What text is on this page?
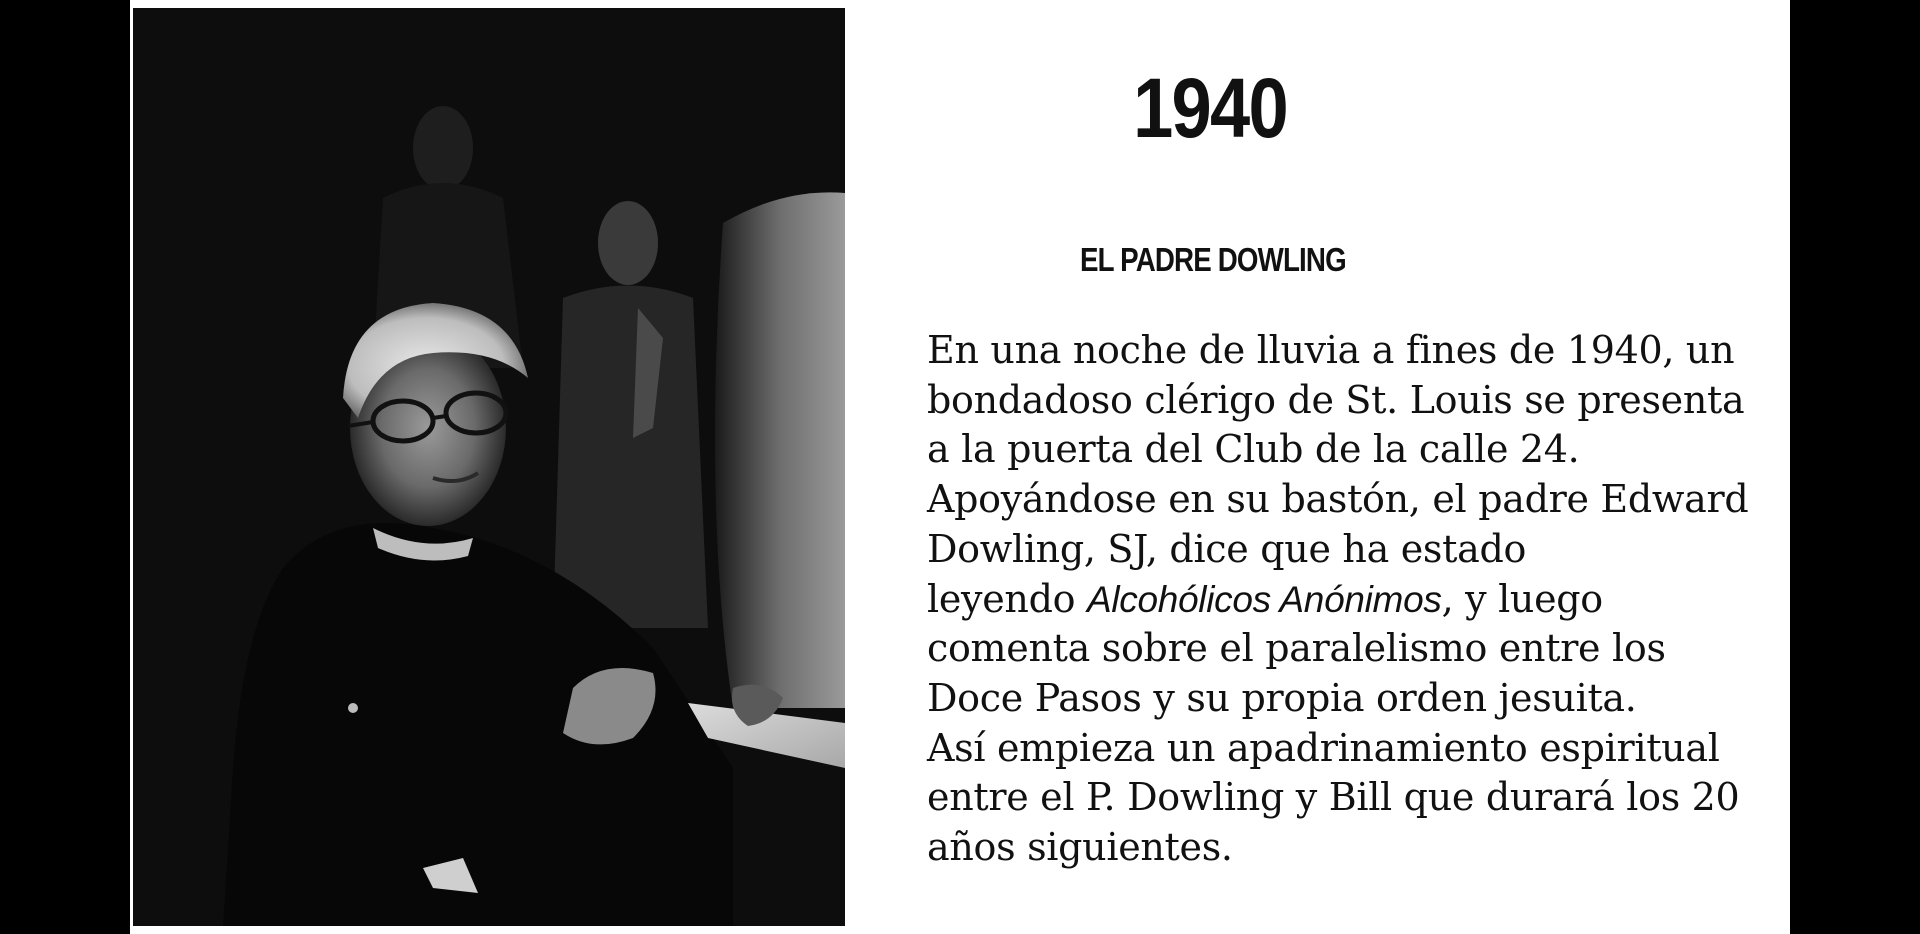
1940
EL PADRE DOWLING
En una noche de lluvia a fines de 1940, un
bondadoso clérigo de St. Louis se presenta
a la puerta del Club de la calle 24.
Apoyándose en su bastón, el padre Edward
Dowling, SJ, dice que ha estado
leyendo Alcohólicos Anónimos, y luego
comenta sobre el paralelismo entre los
Doce Pasos y su propia orden jesuita.
Así empieza un apadrinamiento espiritual
entre el P. Dowling y Bill que durará los 20
años siguientes.
